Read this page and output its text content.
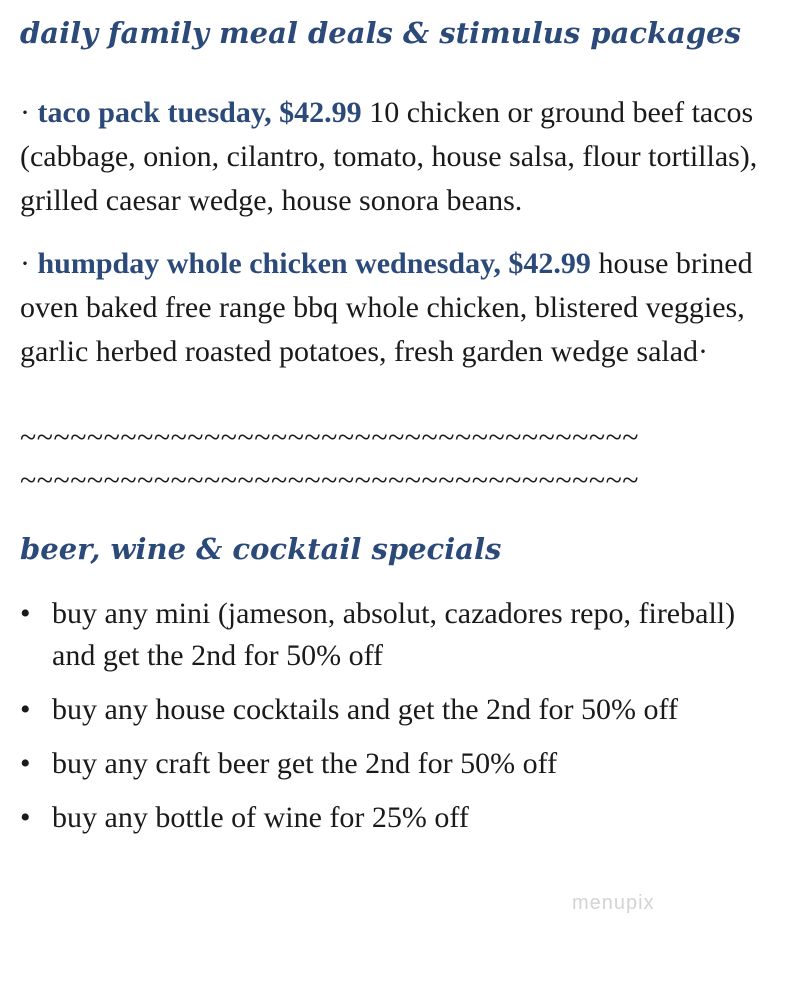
daily family meal deals & stimulus packages

· taco pack tuesday, $42.99 10 chicken or ground beef tacos (cabbage, onion, cilantro, tomato, house salsa, flour tortillas), grilled caesar wedge, house sonora beans.

· humpday whole chicken wednesday, $42.99 house brined oven baked free range bbq whole chicken, blistered veggies, garlic herbed roasted potatoes, fresh garden wedge salad·

~~~~~~~~~~~~~~~~~~~~~~~~~~~~~~~~~~~~~

~~~~~~~~~~~~~~~~~~~~~~~~~~~~~~~~~~~~~

beer, wine & cocktail specials
• buy any mini (jameson, absolut, cazadores repo, fireball) and get the 2nd for 50% off
• buy any house cocktails and get the 2nd for 50% off
• buy any craft beer get the 2nd for 50% off
• buy any bottle of wine for 25% off
menupix
